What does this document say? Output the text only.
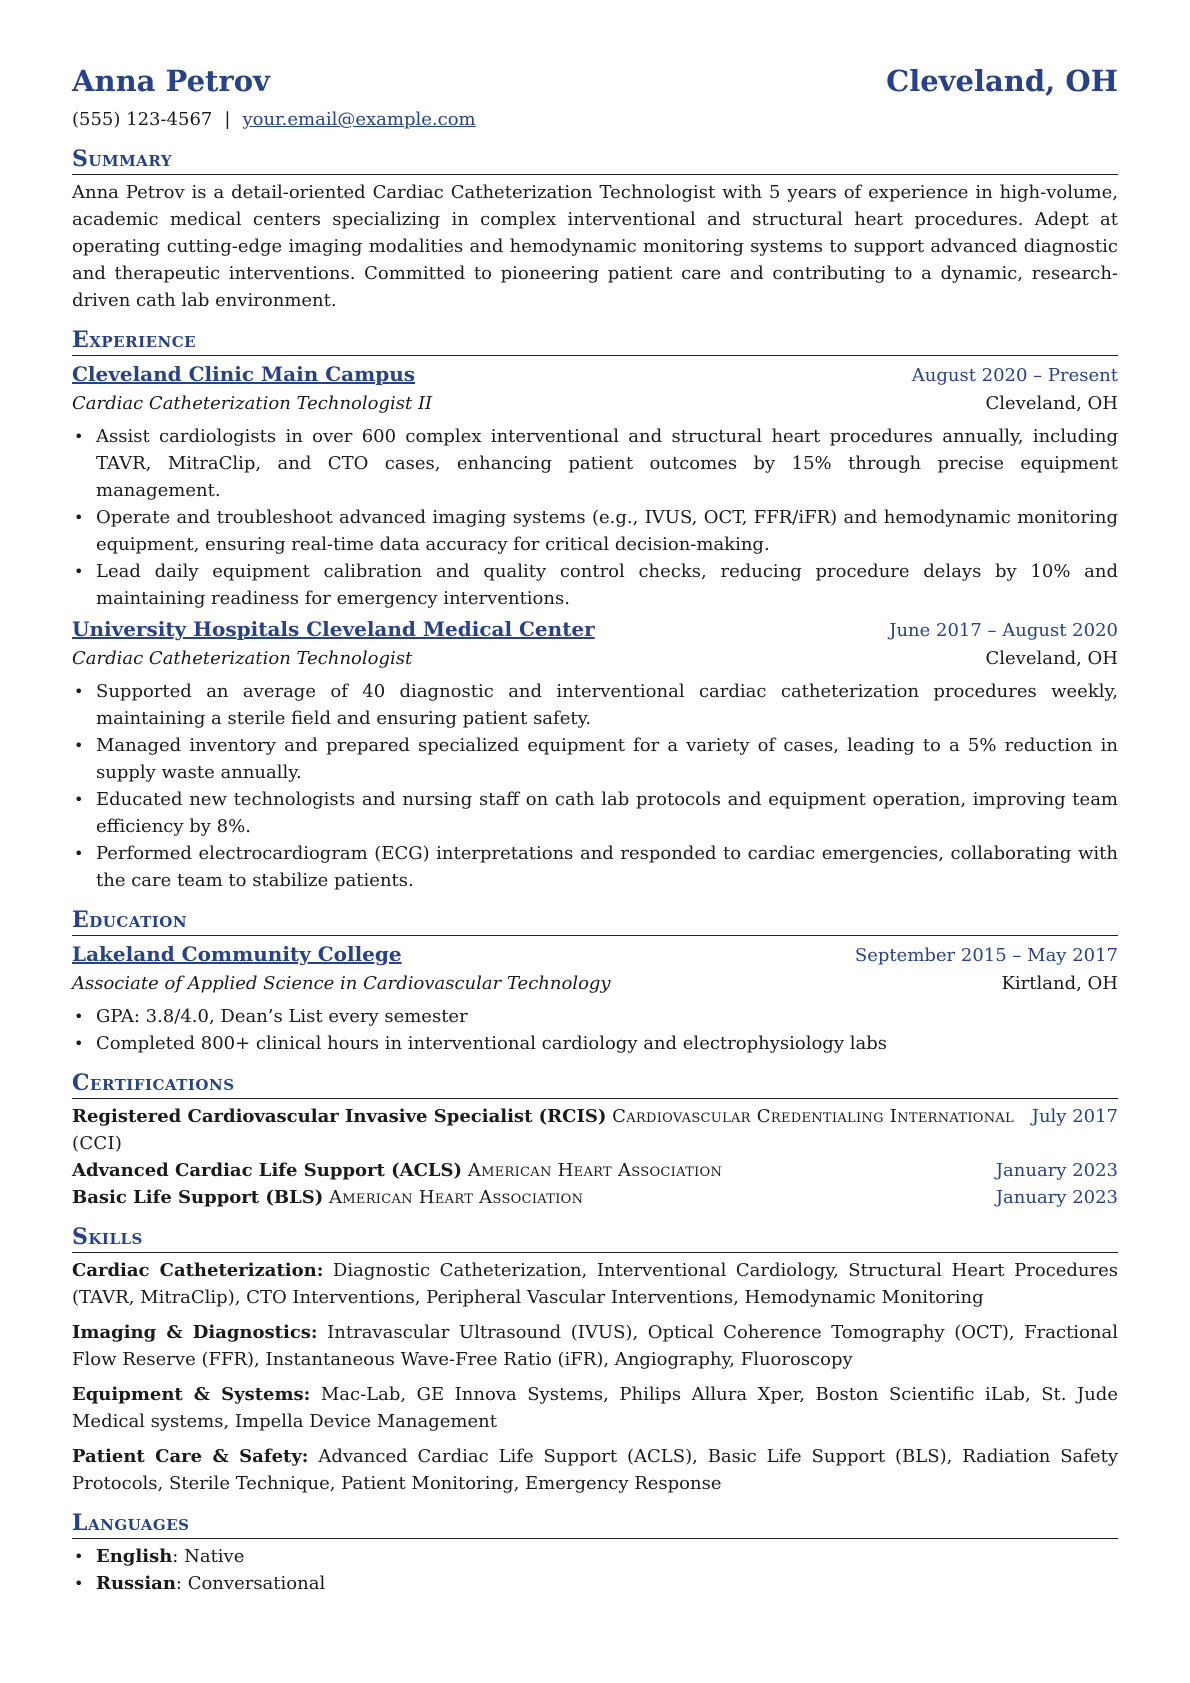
Anna Petrov	Cleveland, OH
(555) 123-4567 | your.email@example.com
Summary
Anna Petrov is a detail-oriented Cardiac Catheterization Technologist with 5 years of experience in high-volume, academic medical centers specializing in complex interventional and structural heart procedures. Adept at operating cutting-edge imaging modalities and hemodynamic monitoring systems to support advanced diagnostic and therapeutic interventions. Committed to pioneering patient care and contributing to a dynamic, research-driven cath lab environment.
Experience
Cleveland Clinic Main Campus	August 2020 – Present
Cardiac Catheterization Technologist II	Cleveland, OH
• Assist cardiologists in over 600 complex interventional and structural heart procedures annually, including TAVR, MitraClip, and CTO cases, enhancing patient outcomes by 15% through precise equipment management.
• Operate and troubleshoot advanced imaging systems (e.g., IVUS, OCT, FFR/iFR) and hemodynamic monitoring equipment, ensuring real-time data accuracy for critical decision-making.
• Lead daily equipment calibration and quality control checks, reducing procedure delays by 10% and maintaining readiness for emergency interventions.
University Hospitals Cleveland Medical Center	June 2017 – August 2020
Cardiac Catheterization Technologist	Cleveland, OH
• Supported an average of 40 diagnostic and interventional cardiac catheterization procedures weekly, maintaining a sterile field and ensuring patient safety.
• Managed inventory and prepared specialized equipment for a variety of cases, leading to a 5% reduction in supply waste annually.
• Educated new technologists and nursing staff on cath lab protocols and equipment operation, improving team efficiency by 8%.
• Performed electrocardiogram (ECG) interpretations and responded to cardiac emergencies, collaborating with the care team to stabilize patients.
Education
Lakeland Community College	September 2015 – May 2017
Associate of Applied Science in Cardiovascular Technology	Kirtland, OH
• GPA: 3.8/4.0, Dean’s List every semester
• Completed 800+ clinical hours in interventional cardiology and electrophysiology labs
Certifications
Registered Cardiovascular Invasive Specialist (RCIS) Cardiovascular Credentialing International (CCI)
July 2017
Advanced Cardiac Life Support (ACLS) American Heart Association	January 2023
Basic Life Support (BLS) American Heart Association	January 2023
Skills
Cardiac Catheterization: Diagnostic Catheterization, Interventional Cardiology, Structural Heart Procedures (TAVR, MitraClip), CTO Interventions, Peripheral Vascular Interventions, Hemodynamic Monitoring
Imaging & Diagnostics: Intravascular Ultrasound (IVUS), Optical Coherence Tomography (OCT), Fractional Flow Reserve (FFR), Instantaneous Wave-Free Ratio (iFR), Angiography, Fluoroscopy
Equipment & Systems: Mac-Lab, GE Innova Systems, Philips Allura Xper, Boston Scientific iLab, St. Jude Medical systems, Impella Device Management
Patient Care & Safety: Advanced Cardiac Life Support (ACLS), Basic Life Support (BLS), Radiation Safety Protocols, Sterile Technique, Patient Monitoring, Emergency Response
Languages
• English: Native
• Russian: Conversational
